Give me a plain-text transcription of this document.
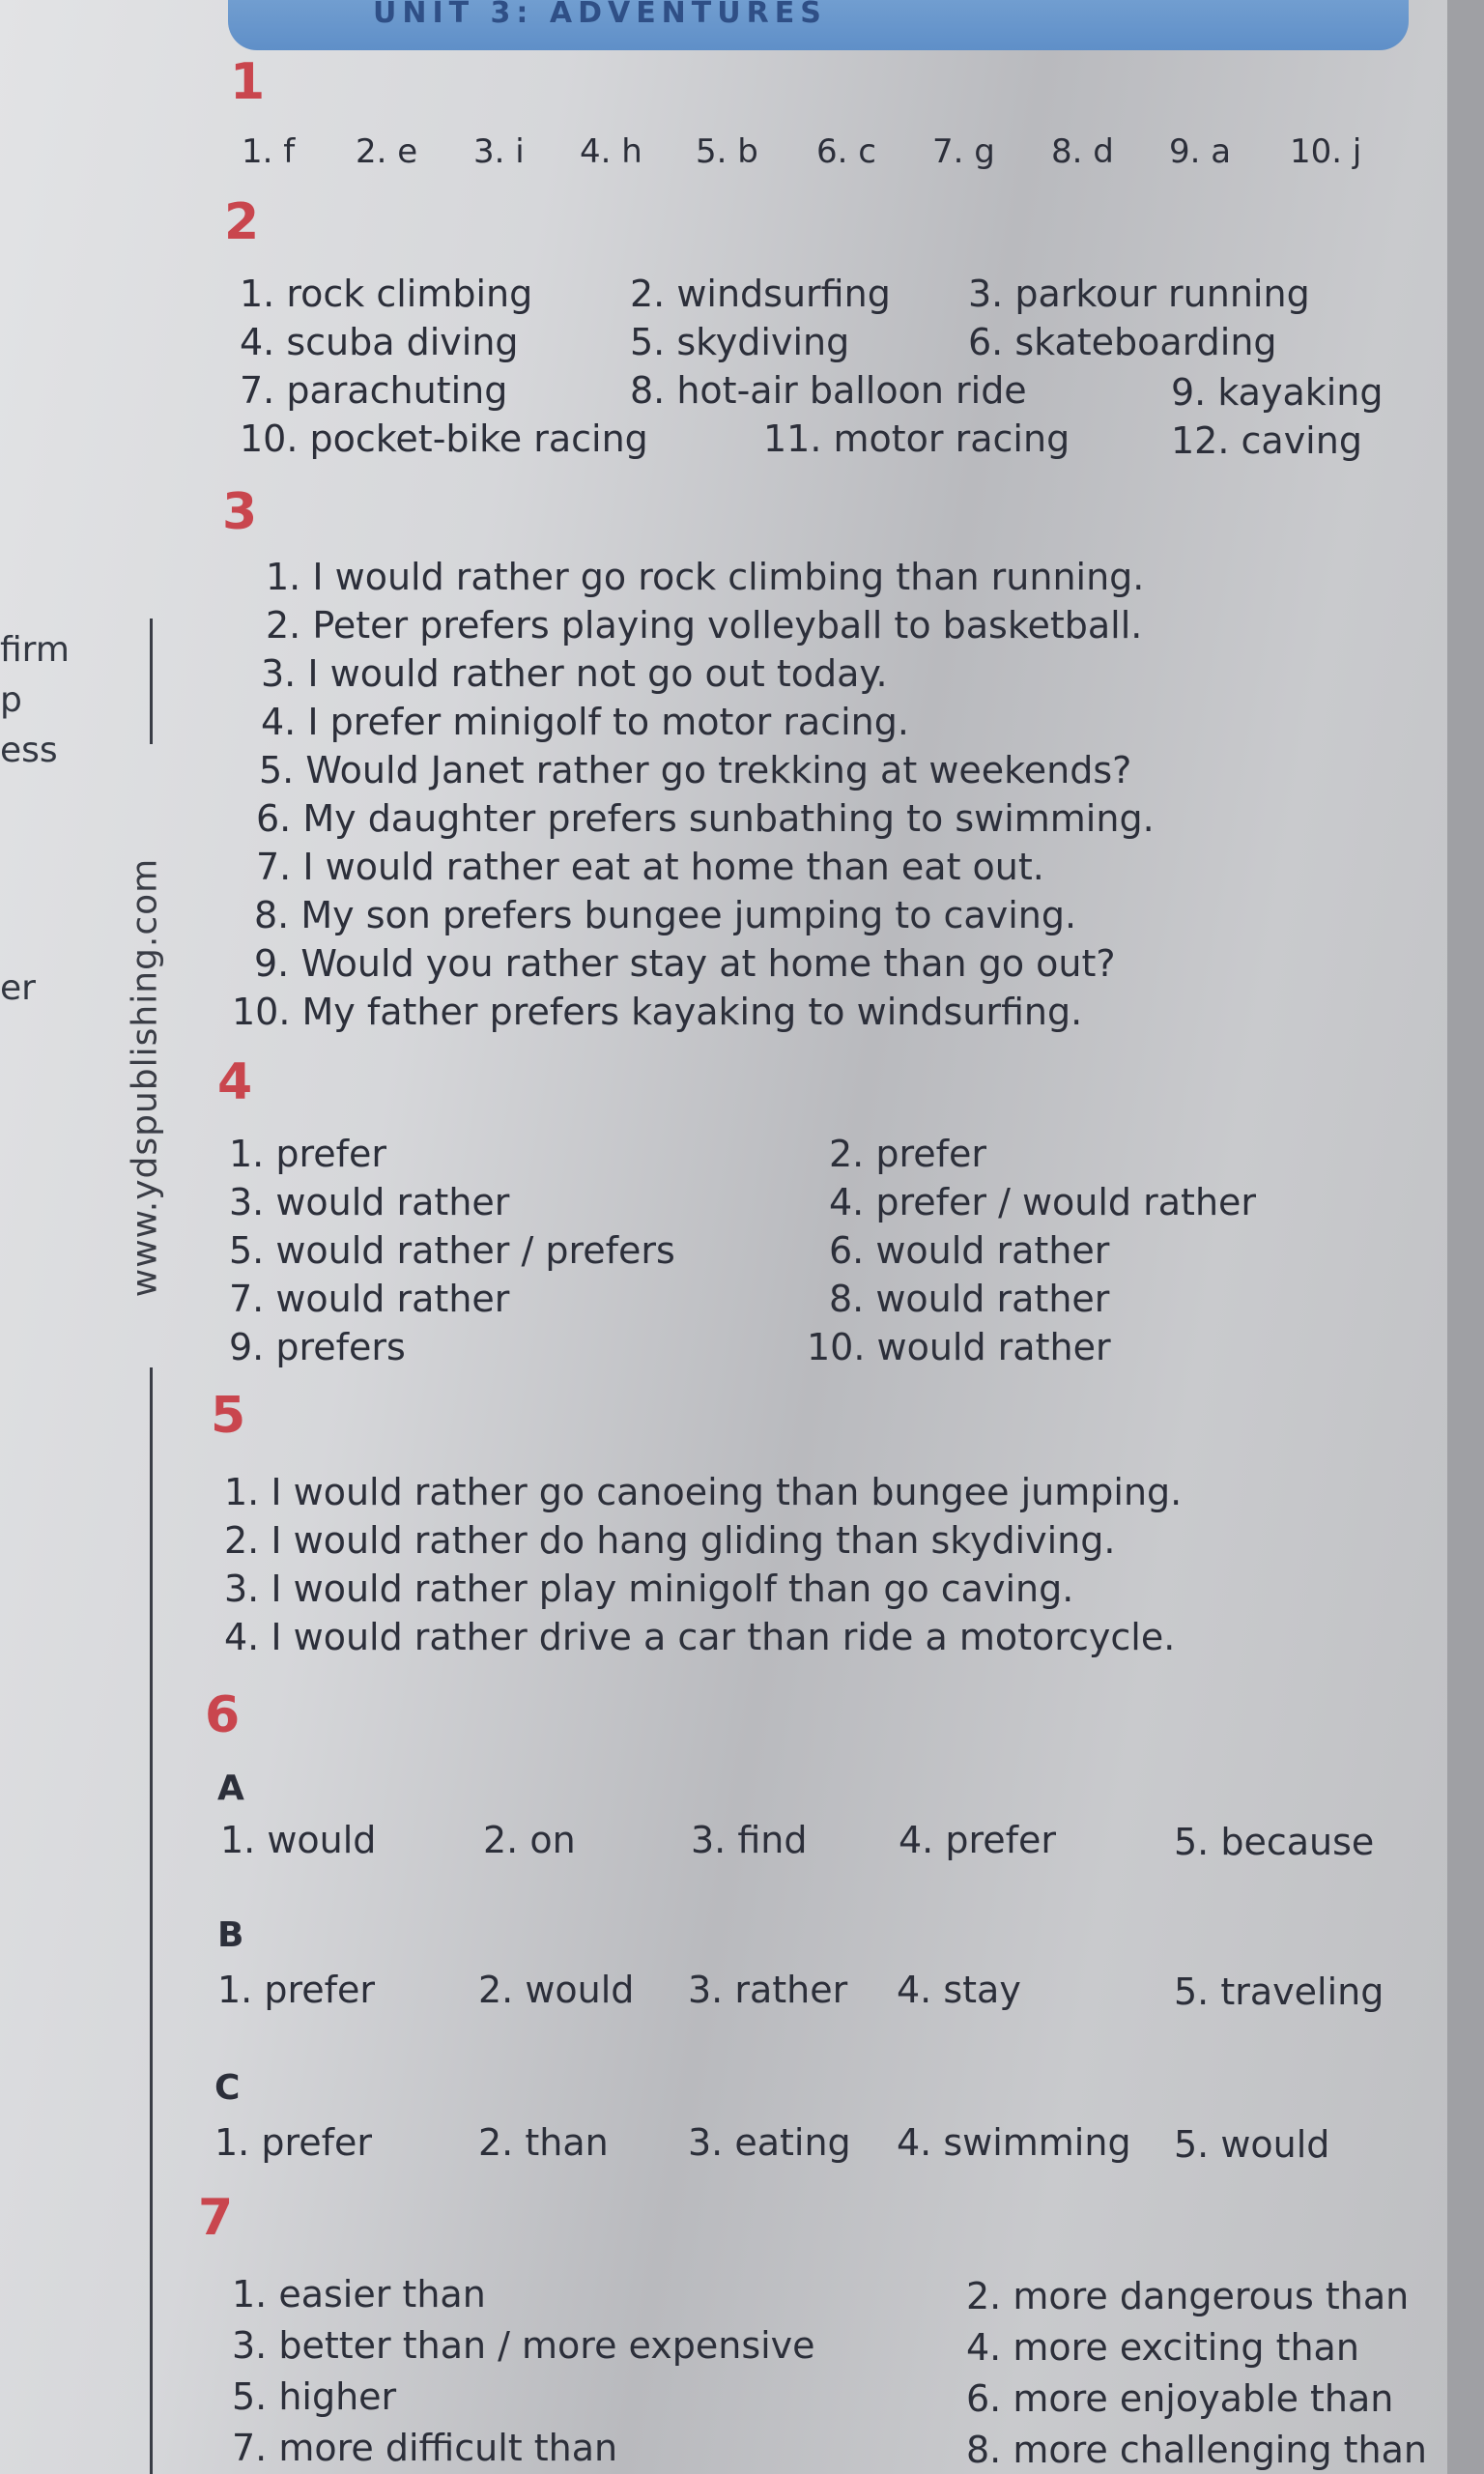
UNIT 3: ADVENTURES
firm
p
ess
er	www.ydspublishing.com
1
1. f 2. e 3. i 4. h 5. b 6. c 7. g 8. d 9. a 10. j
2
1. rock climbing	2. windsurfing 3. parkour running
4. scuba diving	5. skydiving	6. skateboarding
7. parachuting	8. hot-air balloon ride	9. kayaking
10. pocket-bike racing	11. motor racing	12. caving
3
1. I would rather go rock climbing than running.
2. Peter prefers playing volleyball to basketball.
3. I would rather not go out today.
4. I prefer minigolf to motor racing.
5. Would Janet rather go trekking at weekends?
6. My daughter prefers sunbathing to swimming.
7. I would rather eat at home than eat out.
8. My son prefers bungee jumping to caving.
9. Would you rather stay at home than go out?
10. My father prefers kayaking to windsurfing.
4
1. prefer	2. prefer
3. would rather	4. prefer / would rather
5. would rather / prefers	6. would rather
7. would rather	8. would rather
9. prefers	10. would rather
5
1. I would rather go canoeing than bungee jumping.
2. I would rather do hang gliding than skydiving.
3. I would rather play minigolf than go caving.
4. I would rather drive a car than ride a motorcycle.
6
A
1. would	2. on	3. find 4. prefer	5. because
B
1. prefer	2. would 3. rather 4. stay	5. traveling
C
1. prefer	2. than 3. eating 4. swimming 5. would
7
1. easier than	2. more dangerous than
3. better than / more expensive	4. more exciting than
5. higher	6. more enjoyable than
7. more difficult than	8. more challenging than
